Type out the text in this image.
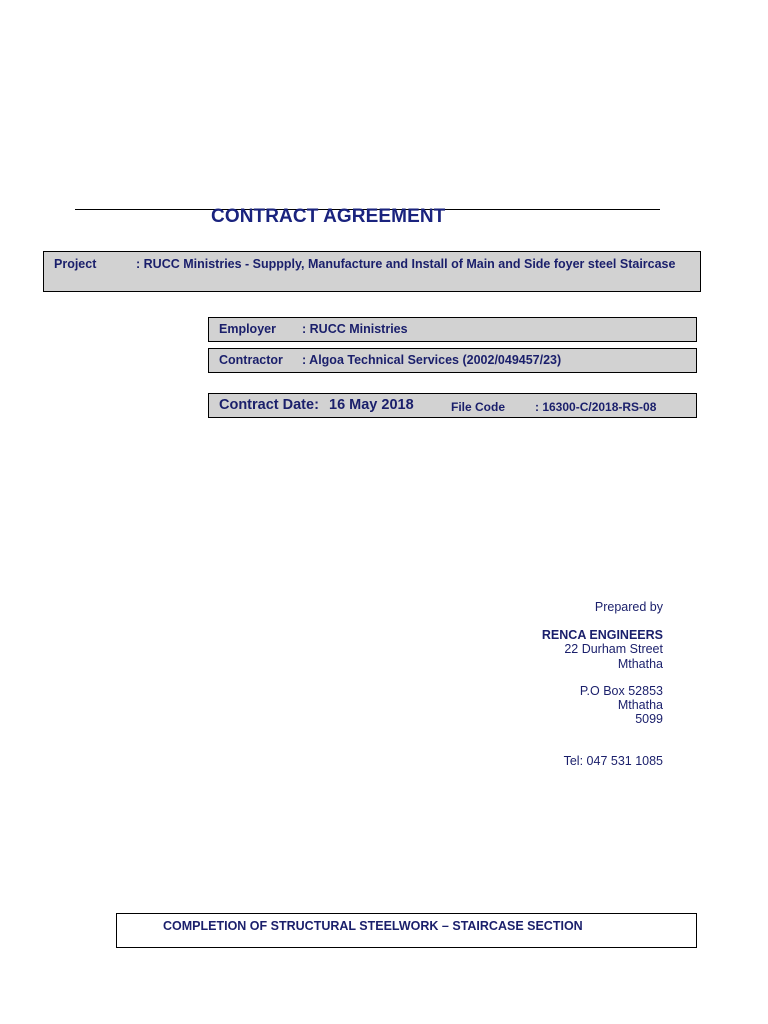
CONTRACT AGREEMENT
Project	: RUCC Ministries - Suppply, Manufacture and Install of Main and Side foyer steel Staircase
Employer : RUCC Ministries
Contractor : Algoa Technical Services (2002/049457/23)
Contract Date: 16 May 2018	File Code : 16300-C/2018-RS-08
Prepared by
RENCA ENGINEERS
22 Durham Street
Mthatha
P.O Box 52853
Mthatha
5099
Tel: 047 531 1085
COMPLETION OF STRUCTURAL STEELWORK – STAIRCASE SECTION
